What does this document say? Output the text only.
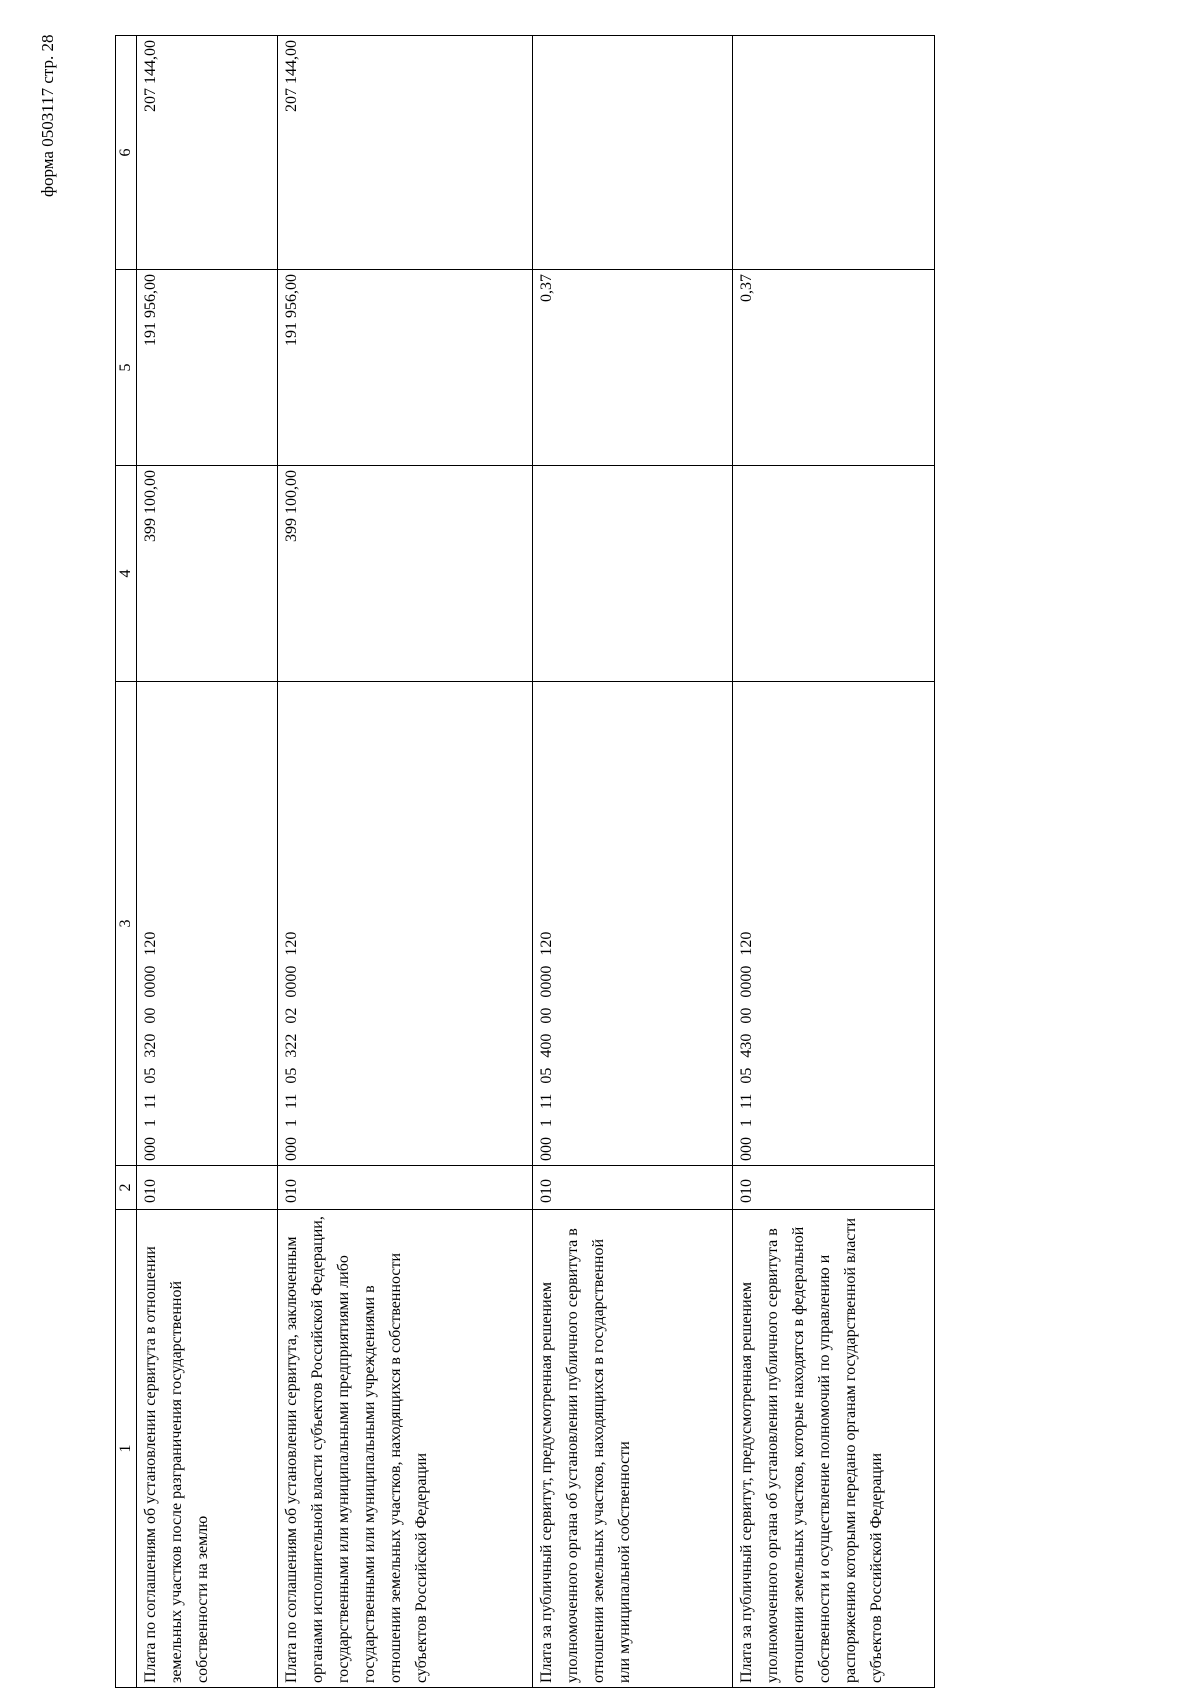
форма 0503117 стр. 28
1	2	3	4	5	6
Плата по соглашениям об установлении сервитута в отношении земельных участков после разграничения государственной собственности на землю	010	000 1 11 05 320 00 0000 120	399 100,00	191 956,00	207 144,00
Плата по соглашениям об установлении сервитута, заключенным органами исполнительной власти субъектов Российской Федерации, государственными или муниципальными предприятиями либо государственными или муниципальными учреждениями в отношении земельных участков, находящихся в собственности субъектов Российской Федерации	010	000 1 11 05 322 02 0000 120	399 100,00	191 956,00	207 144,00
Плата за публичный сервитут, предусмотренная решением уполномоченного органа об установлении публичного сервитута в отношении земельных участков, находящихся в государственной или муниципальной собственности	010	000 1 11 05 400 00 0000 120		0,37	
Плата за публичный сервитут, предусмотренная решением уполномоченного органа об установлении публичного сервитута в отношении земельных участков, которые находятся в федеральной собственности и осуществление полномочий по управлению и распоряжению которыми передано органам государственной власти субъектов Российской Федерации	010	000 1 11 05 430 00 0000 120		0,37	
